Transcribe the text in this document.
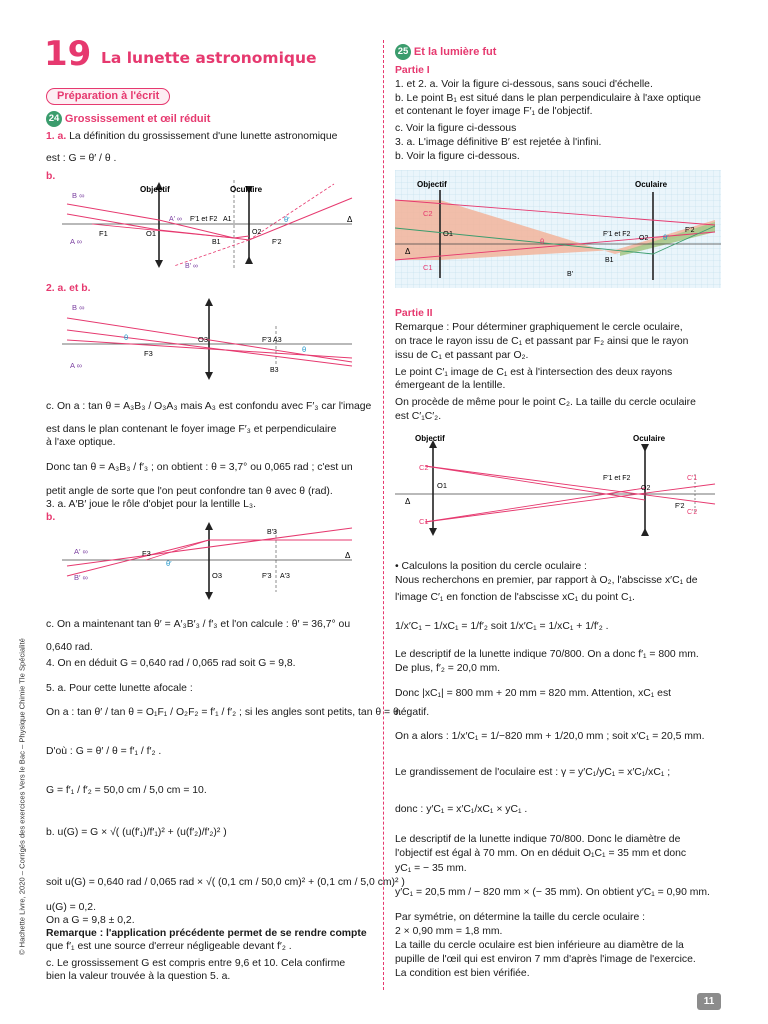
19 La lunette astronomique
Préparation à l'écrit
24 Grossissement et œil réduit
1. a. La définition du grossissement d'une lunette astronomique
est : G = θ′ / θ .
b.
Objectif	Oculaire
B ∞
A ∞
F1	O1
A′ ∞ F′1 et F2 A1
B1
O2
F′2
Δ
θ′
B′ ∞
2. a. et b.
B ∞
A ∞
F3
O3	F′3 A3
B3
θ
θ
c. On a : tan θ = A₃B₃ / O₃A₃ mais A₃ est confondu avec F′₃ car l'image
est dans le plan contenant le foyer image F′₃ et perpendiculaire
à l'axe optique.
Donc tan θ = A₃B₃ / f′₃ ; on obtient : θ = 3,7° ou 0,065 rad ; c'est un
petit angle de sorte que l'on peut confondre tan θ avec θ (rad).
3. a. A′B′ joue le rôle d'objet pour la lentille L₃.
b.
A′ ∞
B′ ∞
F3
O3	F′3 A′3
B′3
θ′
Δ
c. On a maintenant tan θ′ = A′₃B′₃ / f′₃ et l'on calcule : θ′ = 36,7° ou
0,640 rad.
4. On en déduit G = 0,640 rad / 0,065 rad soit G = 9,8.
5. a. Pour cette lunette afocale :
On a : tan θ′ / tan θ = O₁F₁ / O₂F₂ = f′₁ / f′₂ ; si les angles sont petits, tan θ = θ.
D'où : G = θ′ / θ = f′₁ / f′₂ .
G = f′₁ / f′₂ = 50,0 cm / 5,0 cm = 10.
b. u(G) = G × √( (u(f′₁)/f′₁)² + (u(f′₂)/f′₂)² )
soit u(G) = 0,640 rad / 0,065 rad × √( (0,1 cm / 50,0 cm)² + (0,1 cm / 5,0 cm)² )
u(G) = 0,2.
On a G = 9,8 ± 0,2.
Remarque : l'application précédente permet de se rendre compte
que f′₁ est une source d'erreur négligeable devant f′₂ .
c. Le grossissement G est compris entre 9,6 et 10. Cela confirme
bien la valeur trouvée à la question 5. a.
25 Et la lumière fut
Partie I
1. et 2. a. Voir la figure ci-dessous, sans souci d'échelle.
b. Le point B₁ est situé dans le plan perpendiculaire à l'axe optique
et contenant le foyer image F′₁ de l'objectif.
c. Voir la figure ci-dessous
3. a. L'image définitive B′ est rejetée à l'infini.
b. Voir la figure ci-dessous.
Objectif	Oculaire
C2
C1
O1
Δ
F′1 et F2
O2
F′2
θ′
θ
B1
B′
Partie II
Remarque : Pour déterminer graphiquement le cercle oculaire,
on trace le rayon issu de C₁ et passant par F₂ ainsi que le rayon
issu de C₁ et passant par O₂.
Le point C′₁ image de C₁ est à l'intersection des deux rayons
émergeant de la lentille.
On procède de même pour le point C₂. La taille du cercle oculaire
est C′₁C′₂.
Objectif	Oculaire
C2
C1
O1
Δ
F′1 et F2
O2
F′2
C′1
C′2
• Calculons la position du cercle oculaire :
Nous recherchons en premier, par rapport à O₂, l'abscisse x′C₁ de
l'image C′₁ en fonction de l'abscisse xC₁ du point C₁.
1/x′C₁ − 1/xC₁ = 1/f′₂ soit 1/x′C₁ = 1/xC₁ + 1/f′₂ .
Le descriptif de la lunette indique 70/800. On a donc f′₁ = 800 mm.
De plus, f′₂ = 20,0 mm.
Donc |xC₁| = 800 mm + 20 mm = 820 mm. Attention, xC₁ est
négatif.
On a alors : 1/x′C₁ = 1/−820 mm + 1/20,0 mm ; soit x′C₁ = 20,5 mm.
Le grandissement de l'oculaire est : γ = y′C₁/yC₁ = x′C₁/xC₁ ;
donc : y′C₁ = x′C₁/xC₁ × yC₁ .
Le descriptif de la lunette indique 70/800. Donc le diamètre de
l'objectif est égal à 70 mm. On en déduit O₁C₁ = 35 mm et donc
yC₁ = − 35 mm.
y′C₁ = 20,5 mm / − 820 mm × (− 35 mm). On obtient y′C₁ = 0,90 mm.
Par symétrie, on détermine la taille du cercle oculaire :
2 × 0,90 mm = 1,8 mm.
La taille du cercle oculaire est bien inférieure au diamètre de la
pupille de l'œil qui est environ 7 mm d'après l'image de l'exercice.
La condition est bien vérifiée.
© Hachette Livre, 2020 – Corrigés des exercices Vers le Bac – Physique Chimie Tle Spécialité
11
